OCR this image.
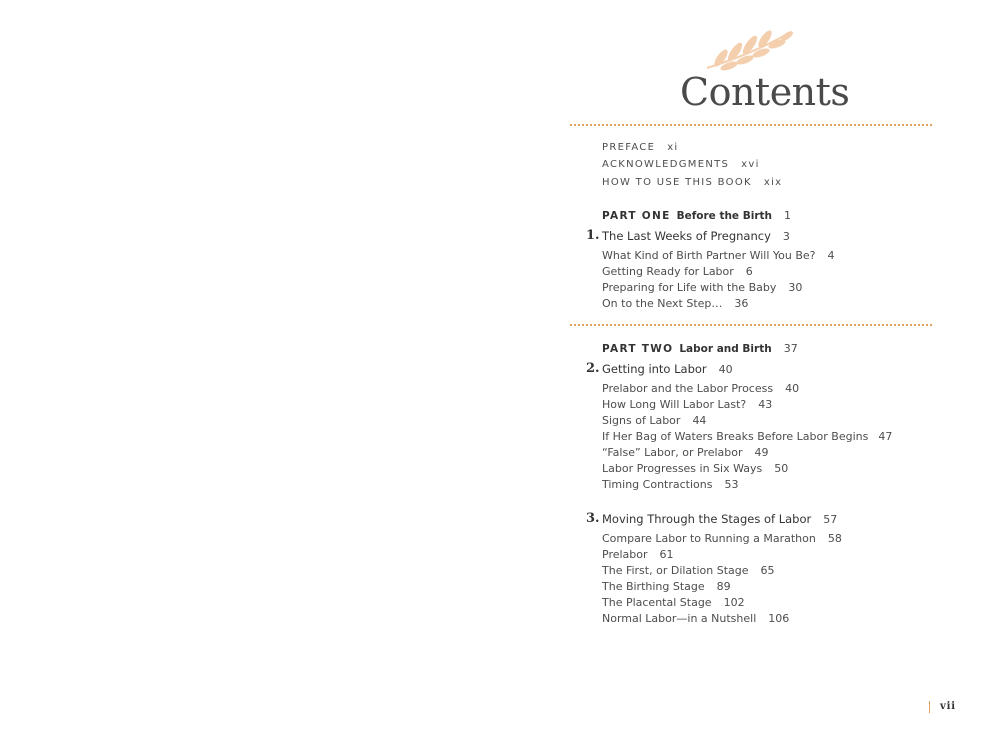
Contents
PREFACE xi
ACKNOWLEDGMENTS xvi
HOW TO USE THIS BOOK xix
PART ONE Before the Birth 1
1. The Last Weeks of Pregnancy 3
What Kind of Birth Partner Will You Be? 4
Getting Ready for Labor 6
Preparing for Life with the Baby 30
On to the Next Step… 36
PART TWO Labor and Birth 37
2. Getting into Labor 40
Prelabor and the Labor Process 40
How Long Will Labor Last? 43
Signs of Labor 44
If Her Bag of Waters Breaks Before Labor Begins 47
“False” Labor, or Prelabor 49
Labor Progresses in Six Ways 50
Timing Contractions 53
3. Moving Through the Stages of Labor 57
Compare Labor to Running a Marathon 58
Prelabor 61
The First, or Dilation Stage 65
The Birthing Stage 89
The Placental Stage 102
Normal Labor—in a Nutshell 106
vii
